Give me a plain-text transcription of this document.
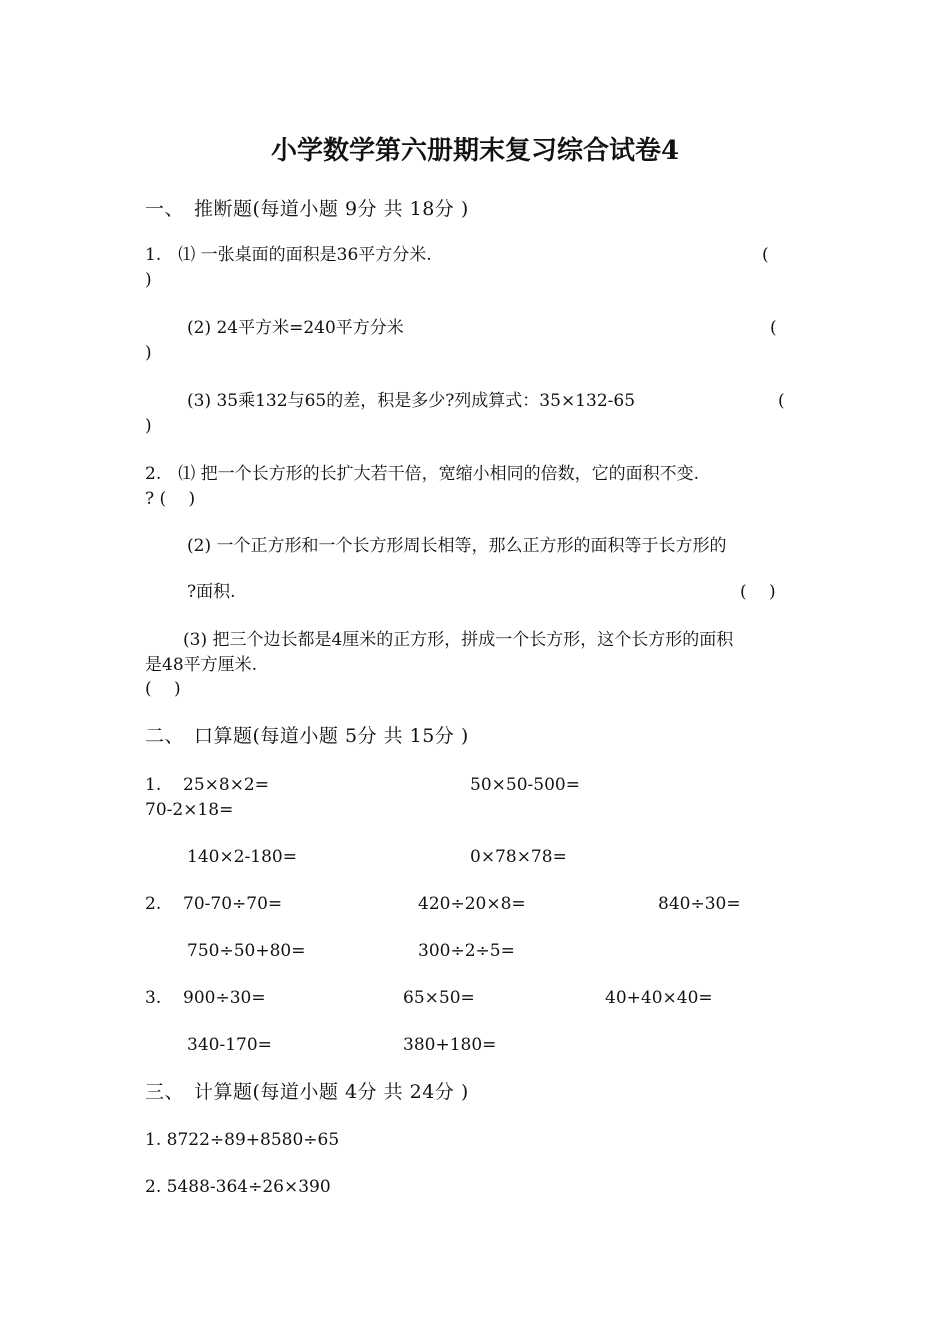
小学数学第六册期末复习综合试卷4
一、　推断题(每道小题 9分 共 18分 )
1.　⑴ 一张桌面的面积是36平方分米.	(
)
(2) 24平方米=240平方分米	(
)
(3) 35乘132与65的差，积是多少?列成算式：35×132-65	(
)
2.　⑴ 把一个长方形的长扩大若干倍，宽缩小相同的倍数，它的面积不变.
? (　 )
(2) 一个正方形和一个长方形周长相等，那么正方形的面积等于长方形的
?面积.	(　 )
(3) 把三个边长都是4厘米的正方形，拼成一个长方形，这个长方形的面积
是48平方厘米.
(　 )
二、　口算题(每道小题 5分 共 15分 )
1. 25×8×2=	50×50-500=
70-2×18=
140×2-180=	0×78×78=
2. 70-70÷70=	420÷20×8=	840÷30=
750÷50+80=	300÷2÷5=
3. 900÷30=	65×50=	40+40×40=
340-170=	380+180=
三、　计算题(每道小题 4分 共 24分 )
1. 8722÷89+8580÷65
2. 5488-364÷26×390
